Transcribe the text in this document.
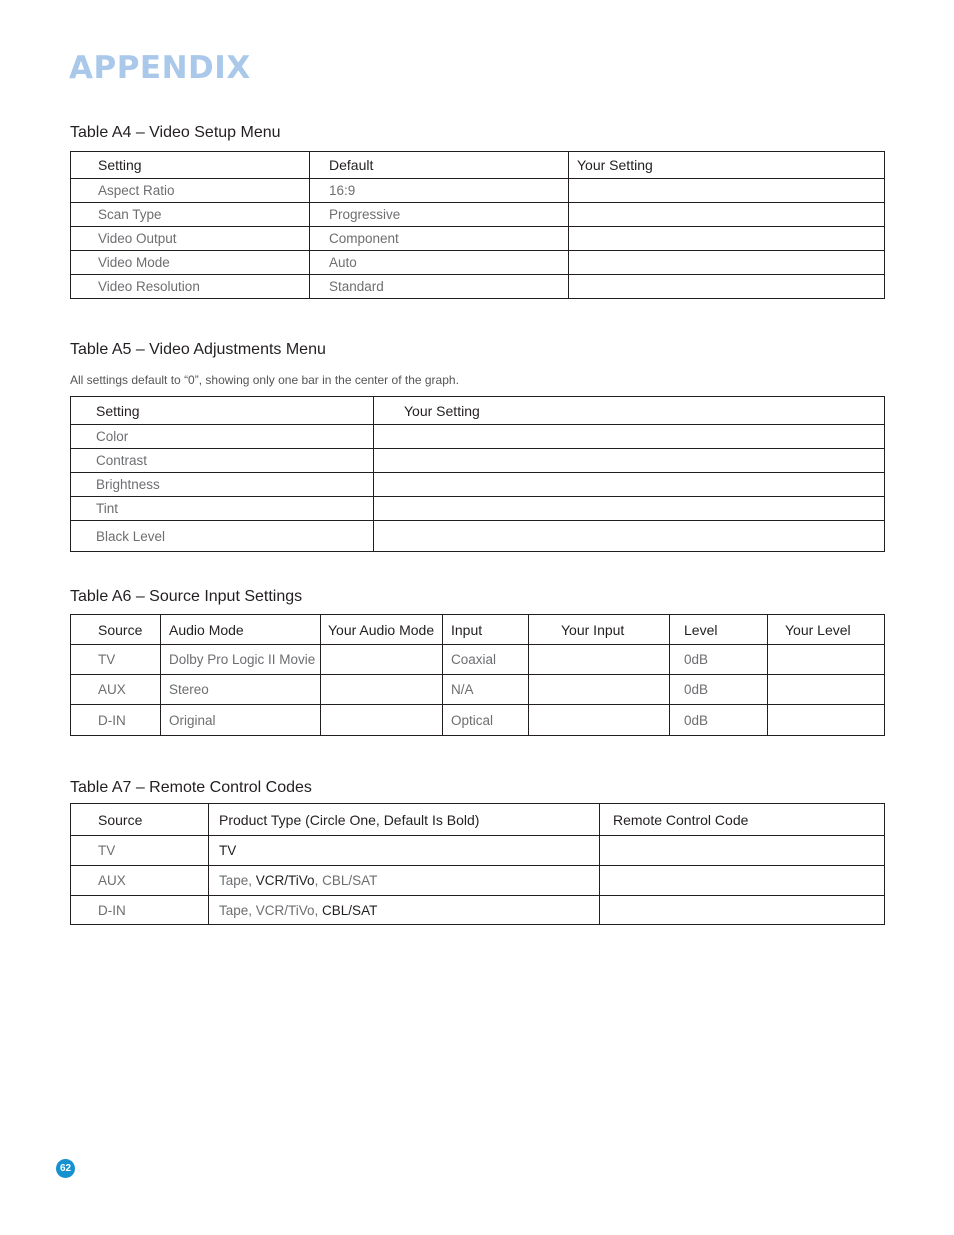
APPENDIX

Table A4 – Video Setup Menu

Setting	Default	Your Setting
Aspect Ratio	16:9	
Scan Type	Progressive	
Video Output	Component	
Video Mode	Auto	
Video Resolution	Standard	

Table A5 – Video Adjustments Menu

All settings default to “0”, showing only one bar in the center of the graph.

Setting	Your Setting
Color	
Contrast	
Brightness	
Tint	
Black Level	

Table A6 – Source Input Settings

Source	Audio Mode	Your Audio Mode	Input	Your Input	Level	Your Level
TV	Dolby Pro Logic II Movie		Coaxial		0dB	
AUX	Stereo		N/A		0dB	
D-IN	Original		Optical		0dB	

Table A7 – Remote Control Codes

Source	Product Type (Circle One, Default Is Bold)	Remote Control Code
TV	TV	
AUX	Tape, VCR/TiVo, CBL/SAT	
D-IN	Tape, VCR/TiVo, CBL/SAT	
62
